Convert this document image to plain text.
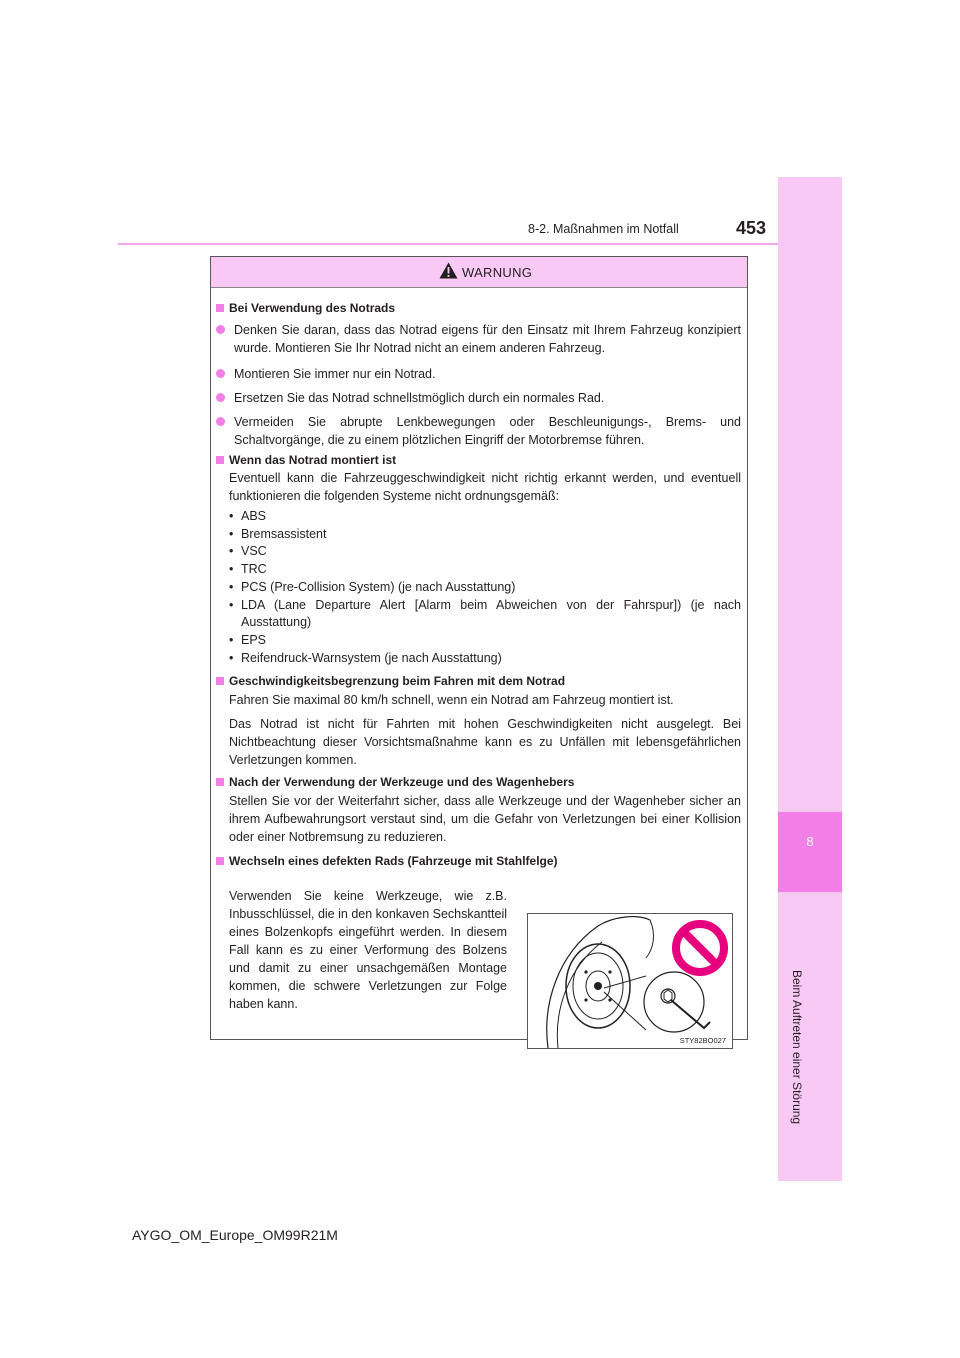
8-2. Maßnahmen im Notfall	453
8
Beim Auftreten einer Störung
WARNUNG
Bei Verwendung des Notrads
Denken Sie daran, dass das Notrad eigens für den Einsatz mit Ihrem Fahrzeug konzipiert wurde. Montieren Sie Ihr Notrad nicht an einem anderen Fahrzeug.
Montieren Sie immer nur ein Notrad.
Ersetzen Sie das Notrad schnellstmöglich durch ein normales Rad.
Vermeiden Sie abrupte Lenkbewegungen oder Beschleunigungs-, Brems- und Schaltvorgänge, die zu einem plötzlichen Eingriff der Motorbremse führen.
Wenn das Notrad montiert ist
Eventuell kann die Fahrzeuggeschwindigkeit nicht richtig erkannt werden, und eventuell funktionieren die folgenden Systeme nicht ordnungsgemäß:
• ABS
• Bremsassistent
• VSC
• TRC
• PCS (Pre-Collision System) (je nach Ausstattung)
• LDA (Lane Departure Alert [Alarm beim Abweichen von der Fahrspur]) (je nach Ausstattung)
• EPS
• Reifendruck-Warnsystem (je nach Ausstattung)
Geschwindigkeitsbegrenzung beim Fahren mit dem Notrad
Fahren Sie maximal 80 km/h schnell, wenn ein Notrad am Fahrzeug montiert ist.
Das Notrad ist nicht für Fahrten mit hohen Geschwindigkeiten nicht ausgelegt. Bei Nichtbeachtung dieser Vorsichtsmaßnahme kann es zu Unfällen mit lebensgefährlichen Verletzungen kommen.
Nach der Verwendung der Werkzeuge und des Wagenhebers
Stellen Sie vor der Weiterfahrt sicher, dass alle Werkzeuge und der Wagenheber sicher an ihrem Aufbewahrungsort verstaut sind, um die Gefahr von Verletzungen bei einer Kollision oder einer Notbremsung zu reduzieren.
Wechseln eines defekten Rads (Fahrzeuge mit Stahlfelge)
Verwenden Sie keine Werkzeuge, wie z.B. Inbusschlüssel, die in den konkaven Sechskantteil eines Bolzenkopfs eingeführt werden. In diesem Fall kann es zu einer Verformung des Bolzens und damit zu einer unsachgemäßen Montage kommen, die schwere Verletzungen zur Folge haben kann.
STY82BO027
AYGO_OM_Europe_OM99R21M
